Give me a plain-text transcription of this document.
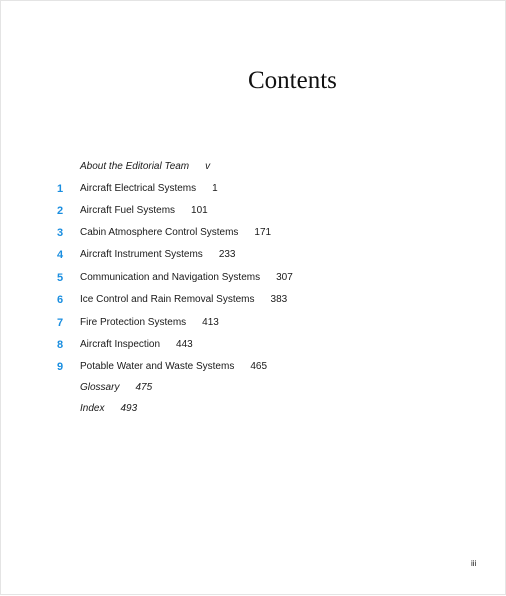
Contents
About the Editorial Team v
1	Aircraft Electrical Systems 1
2	Aircraft Fuel Systems 101
3	Cabin Atmosphere Control Systems 171
4	Aircraft Instrument Systems 233
5	Communication and Navigation Systems 307
6	Ice Control and Rain Removal Systems 383
7	Fire Protection Systems 413
8	Aircraft Inspection 443
9	Potable Water and Waste Systems 465
Glossary 475
Index 493
iii
